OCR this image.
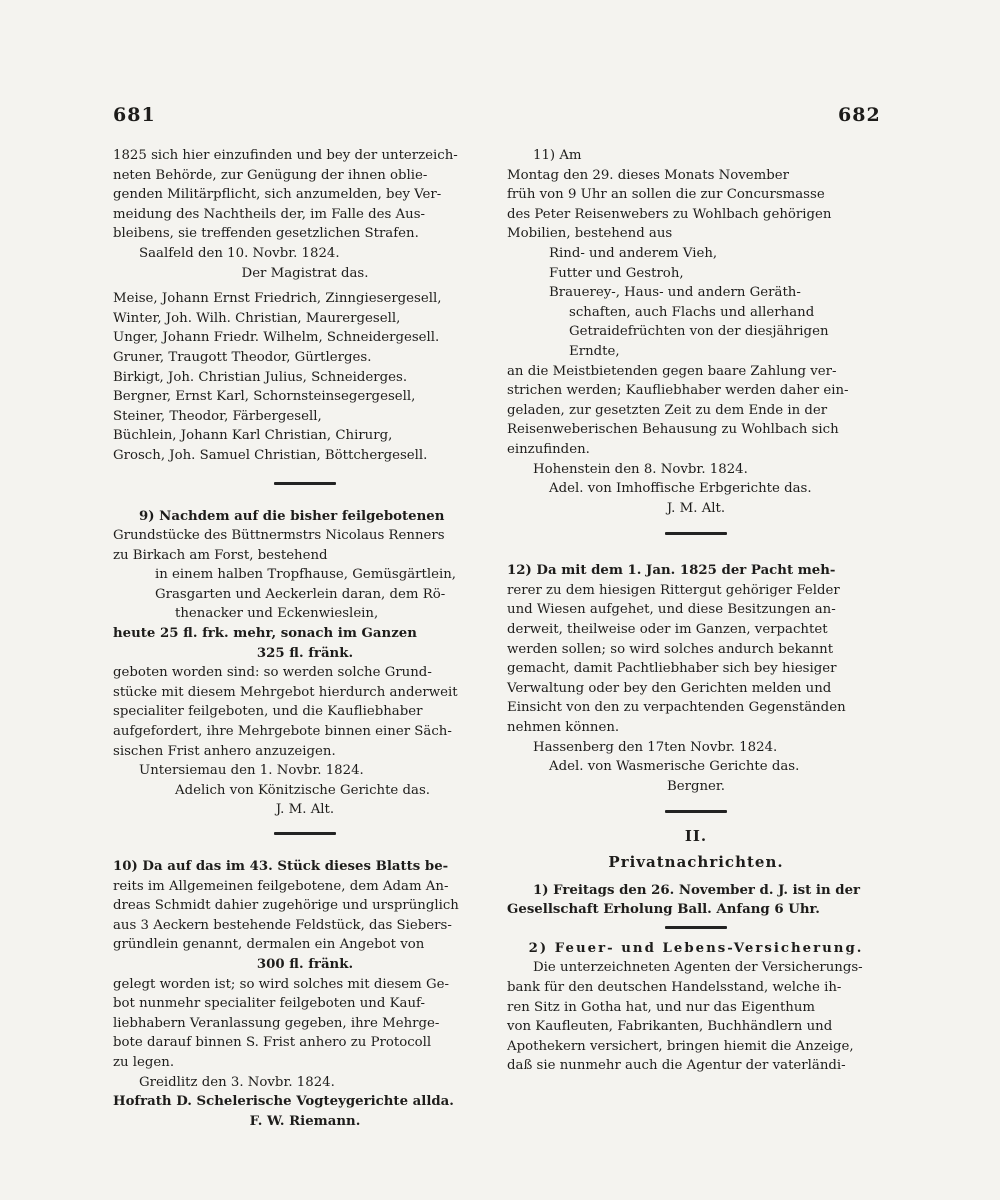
681	682

1825 sich hier einzufinden und bey der unterzeich-

neten Behörde, zur Genügung der ihnen oblie-

genden Militärpflicht, sich anzumelden, bey Ver-

meidung des Nachtheils der, im Falle des Aus-

bleibens, sie treffenden gesetzlichen Strafen.

Saalfeld den 10. Novbr. 1824.

Der Magistrat das.

Meise, Johann Ernst Friedrich, Zinngiesergesell,

Winter, Joh. Wilh. Christian, Maurergesell,

Unger, Johann Friedr. Wilhelm, Schneidergesell.

Gruner, Traugott Theodor, Gürtlerges.

Birkigt, Joh. Christian Julius, Schneiderges.

Bergner, Ernst Karl, Schornsteinsegergesell,

Steiner, Theodor, Färbergesell,

Büchlein, Johann Karl Christian, Chirurg,

Grosch, Joh. Samuel Christian, Böttchergesell.

9) Nachdem auf die bisher feilgebotenen

Grundstücke des Büttnermstrs Nicolaus Renners

zu Birkach am Forst, bestehend

in einem halben Tropfhause, Gemüsgärtlein,

Grasgarten und Aeckerlein daran, dem Rö-

thenacker und Eckenwieslein,

heute 25 fl. frk. mehr, sonach im Ganzen

325 fl. fränk.

geboten worden sind: so werden solche Grund-

stücke mit diesem Mehrgebot hierdurch anderweit

specialiter feilgeboten, und die Kaufliebhaber

aufgefordert, ihre Mehrgebote binnen einer Säch-

sischen Frist anhero anzuzeigen.

Untersiemau den 1. Novbr. 1824.

Adelich von Könitzische Gerichte das.

J. M. Alt.

10) Da auf das im 43. Stück dieses Blatts be-

reits im Allgemeinen feilgebotene, dem Adam An-

dreas Schmidt dahier zugehörige und ursprünglich

aus 3 Aeckern bestehende Feldstück, das Siebers-

gründlein genannt, dermalen ein Angebot von

300 fl. fränk.

gelegt worden ist; so wird solches mit diesem Ge-

bot nunmehr specialiter feilgeboten und Kauf-

liebhabern Veranlassung gegeben, ihre Mehrge-

bote darauf binnen S. Frist anhero zu Protocoll

zu legen.

Greidlitz den 3. Novbr. 1824.

Hofrath D. Schelerische Vogteygerichte allda.

F. W. Riemann.

11) Am

Montag den 29. dieses Monats November

früh von 9 Uhr an sollen die zur Concursmasse

des Peter Reisenwebers zu Wohlbach gehörigen

Mobilien, bestehend aus

Rind- und anderem Vieh,

Futter und Gestroh,

Brauerey-, Haus- und andern Geräth-

schaften, auch Flachs und allerhand

Getraidefrüchten von der diesjährigen

Erndte,

an die Meistbietenden gegen baare Zahlung ver-

strichen werden; Kaufliebhaber werden daher ein-

geladen, zur gesetzten Zeit zu dem Ende in der

Reisenweberischen Behausung zu Wohlbach sich

einzufinden.

Hohenstein den 8. Novbr. 1824.

Adel. von Imhoffische Erbgerichte das.

J. M. Alt.

12) Da mit dem 1. Jan. 1825 der Pacht meh-

rerer zu dem hiesigen Rittergut gehöriger Felder

und Wiesen aufgehet, und diese Besitzungen an-

derweit, theilweise oder im Ganzen, verpachtet

werden sollen; so wird solches andurch bekannt

gemacht, damit Pachtliebhaber sich bey hiesiger

Verwaltung oder bey den Gerichten melden und

Einsicht von den zu verpachtenden Gegenständen

nehmen können.

Hassenberg den 17ten Novbr. 1824.

Adel. von Wasmerische Gerichte das.

Bergner.

II.
Privatnachrichten.

1) Freitags den 26. November d. J. ist in der

Gesellschaft Erholung Ball. Anfang 6 Uhr.

2) Feuer- und Lebens-Versicherung.

Die unterzeichneten Agenten der Versicherungs-

bank für den deutschen Handelsstand, welche ih-

ren Sitz in Gotha hat, und nur das Eigenthum

von Kaufleuten, Fabrikanten, Buchhändlern und

Apothekern versichert, bringen hiemit die Anzeige,

daß sie nunmehr auch die Agentur der vaterländi-
